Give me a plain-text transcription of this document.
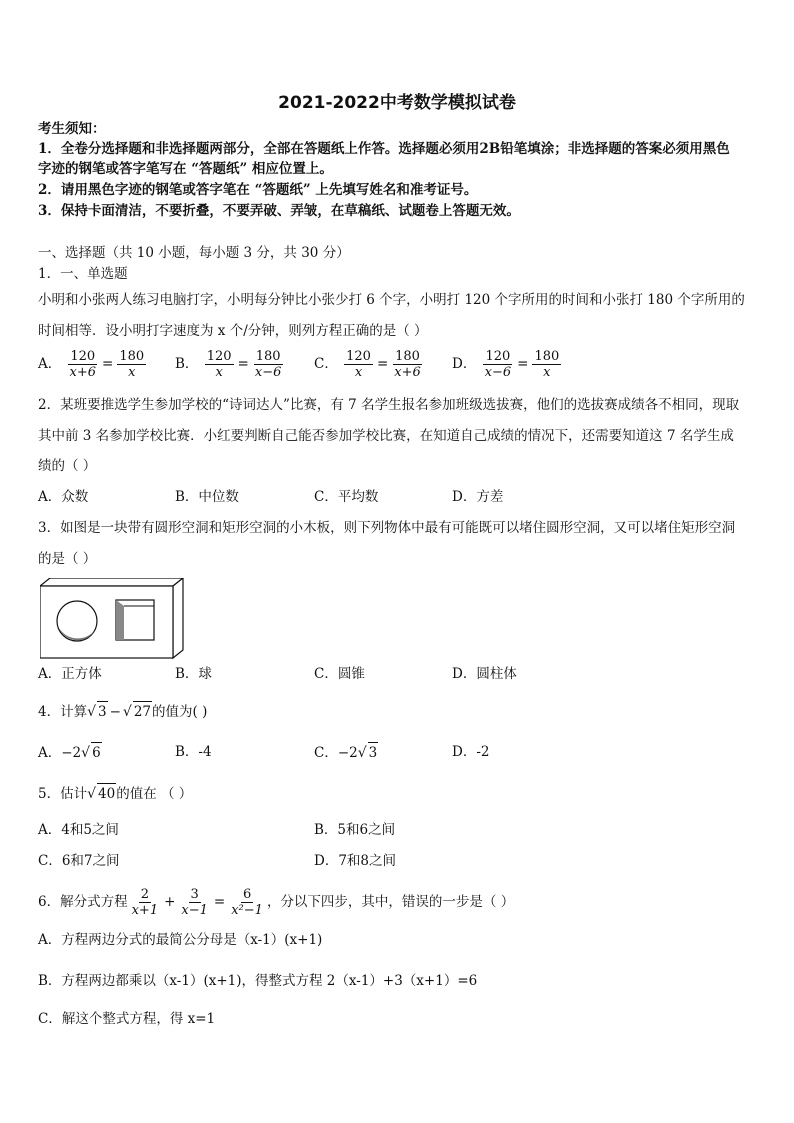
2021-2022中考数学模拟试卷
考生须知：
1．全卷分选择题和非选择题两部分，全部在答题纸上作答。选择题必须用2B铅笔填涂；非选择题的答案必须用黑色
字迹的钢笔或答字笔写在 “答题纸” 相应位置上。
2．请用黑色字迹的钢笔或答字笔在 “答题纸” 上先填写姓名和准考证号。
3．保持卡面清洁，不要折叠，不要弄破、弄皱，在草稿纸、试题卷上答题无效。
一、选择题（共 10 小题，每小题 3 分，共 30 分）
1．一、单选题
小明和小张两人练习电脑打字，小明每分钟比小张少打 6 个字，小明打 120 个字所用的时间和小张打 180 个字所用的
时间相等．设小明打字速度为 x 个/分钟，则列方程正确的是（ ）
A． $\frac{120}{x+6} = \frac{180}{x}$ B． $\frac{120}{x} = \frac{180}{x-6}$ C． $\frac{120}{x} = \frac{180}{x+6}$ D． $\frac{120}{x-6} = \frac{180}{x}$
2．某班要推选学生参加学校的“诗词达人”比赛，有 7 名学生报名参加班级选拔赛，他们的选拔赛成绩各不相同，现取
其中前 3 名参加学校比赛．小红要判断自己能否参加学校比赛，在知道自己成绩的情况下，还需要知道这 7 名学生成
绩的（ ）
A．众数	B．中位数	C．平均数	D．方差
3．如图是一块带有圆形空洞和矩形空洞的小木板，则下列物体中最有可能既可以堵住圆形空洞，又可以堵住矩形空洞
的是（ ）
A．正方体	B．球	C．圆锥	D．圆柱体
4．计算√ 3 − √ 27的值为( )
A．−2√ 6	B．-4	C．−2√ 3	D．-2
5．估计√ 40的值在 （ ）
A．4和5之间	B．5和6之间
C．6和7之间	D．7和8之间
6．解分式方程 $\frac{2}{x+1} + \frac{3}{x-1} = \frac{6}{\text{x²−1}}$ ，分以下四步，其中，错误的一步是（ ）
A．方程两边分式的最简公分母是（x-1）(x+1)
B．方程两边都乘以（x-1）(x+1)，得整式方程 2（x-1）+3（x+1）=6
C．解这个整式方程，得 x=1
